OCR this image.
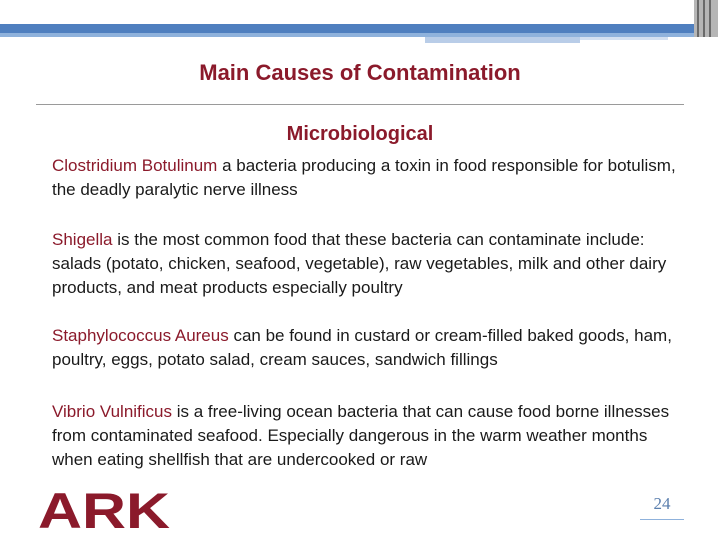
Main Causes of Contamination
Microbiological

Clostridium Botulinum a bacteria producing a toxin in food responsible for botulism, the deadly paralytic nerve illness

Shigella is the most common food that these bacteria can contaminate include: salads (potato, chicken, seafood, vegetable), raw vegetables, milk and other dairy products, and meat products especially poultry

Staphylococcus Aureus can be found in custard or cream-filled baked goods, ham, poultry, eggs, potato salad, cream sauces, sandwich fillings

Vibrio Vulnificus is a free-living ocean bacteria that can cause food borne illnesses from contaminated seafood. Especially dangerous in the warm weather months when eating shellfish that are undercooked or raw

ARK	24
